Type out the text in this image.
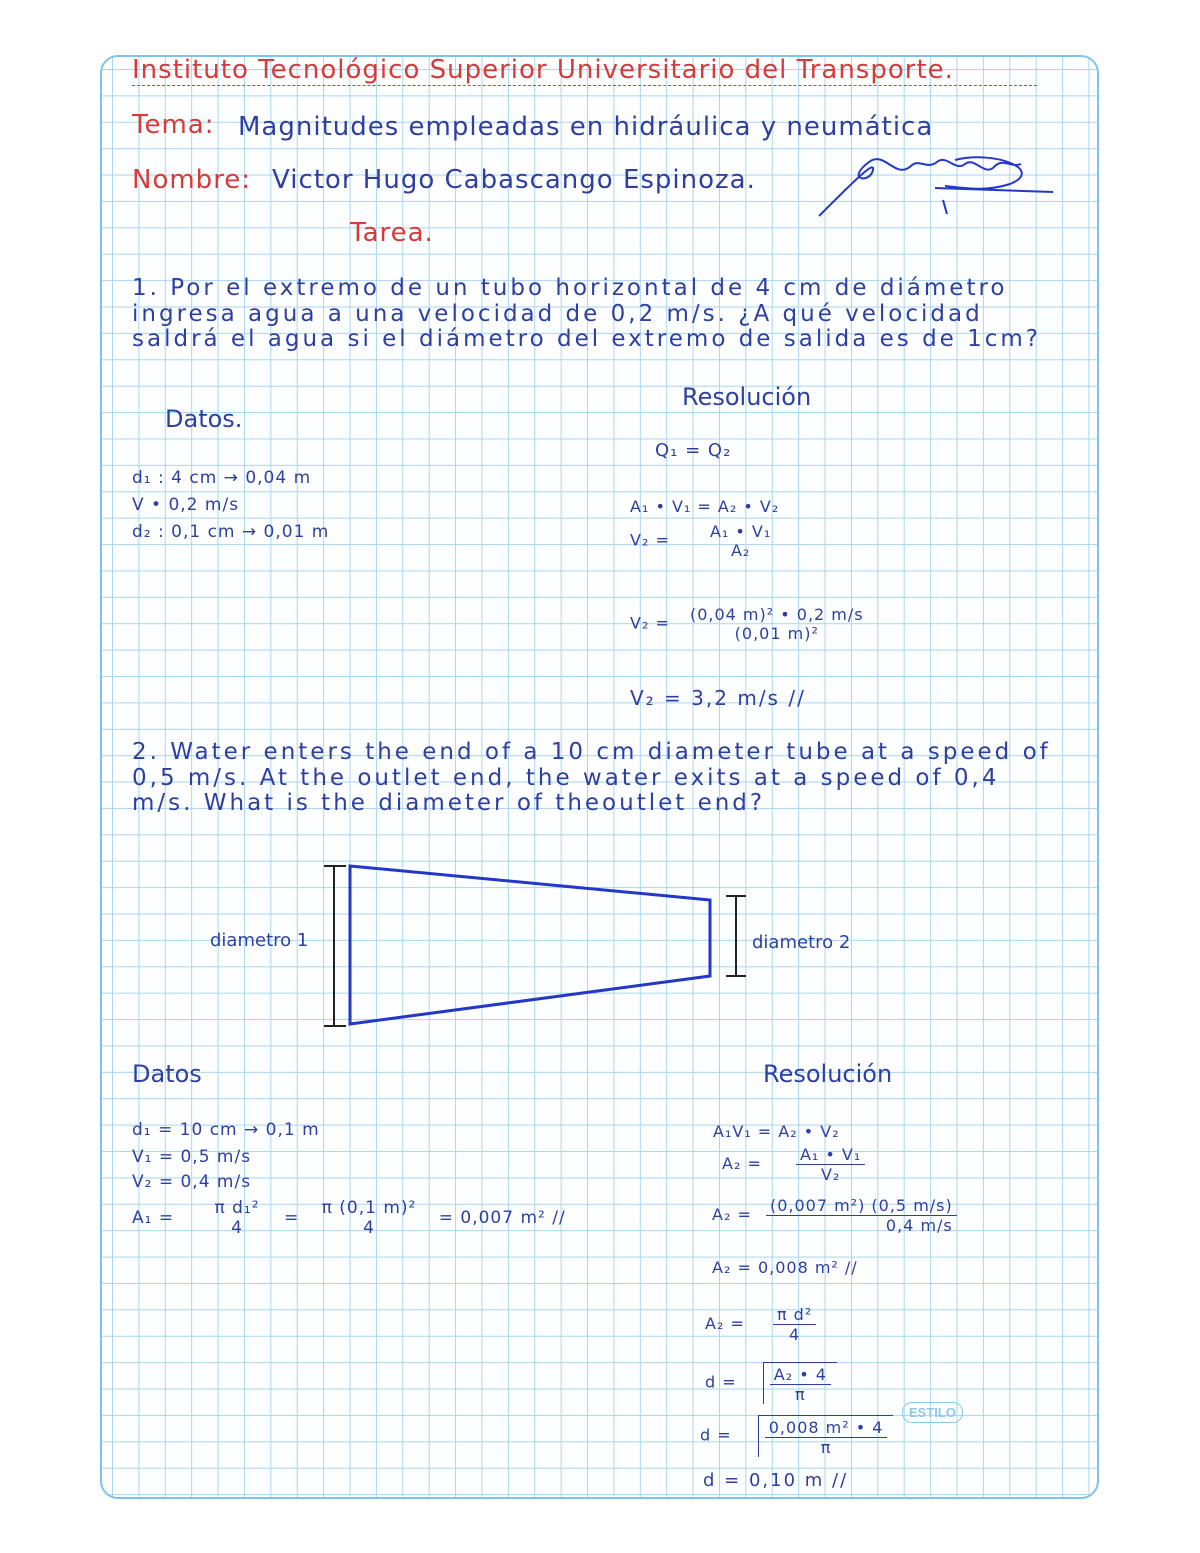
Instituto Tecnológico Superior Universitario del Transporte.
Tema: Magnitudes empleadas en hidráulica y neumática
Nombre: Victor Hugo Cabascango Espinoza.
Tarea.
1. Por el extremo de un tubo horizontal de 4 cm de diámetro ingresa agua a una velocidad de 0,2 m/s. ¿A qué velocidad saldrá el agua si el diámetro del extremo de salida es de 1cm?
Datos.
Resolución
d₁ : 4 cm → 0,04 m
V • 0,2 m/s
d₂ : 0,1 cm → 0,01 m
Q₁ = Q₂
A₁ • V₁ = A₂ • V₂
V₂ =	A₁ • V₁
A₂
V₂ = (0,04 m)² • 0,2 m/s
(0,01 m)²
V₂ = 3,2 m/s //
2. Water enters the end of a 10 cm diameter tube at a speed of 0,5 m/s. At the outlet end, the water exits at a speed of 0,4 m/s. What is the diameter of theoutlet end?
diametro 1	diametro 2
Datos	Resolución
d₁ = 10 cm → 0,1 m
V₁ = 0,5 m/s
V₂ = 0,4 m/s
A₁ = π d₁²
4	= π (0,1 m)²
4	= 0,007 m² //
A₁V₁ = A₂ • V₂
$A_2 = \frac{\text{A₁ • V₁}}{\text{V₂}}$
$A_2 = \frac{\text{(0,007 m²) (0,5 m/s)}}{0,4 m/s}$
A₂ = 0,008 m² //
$A_2 = \frac{\text{π d²}}{4}$
$d = \frac{\text{A₂ • 4}}{\pi}$
$d = \frac{\text{0,008 m² • 4}}{\pi}$
d = 0,10 m //
ESTILO
